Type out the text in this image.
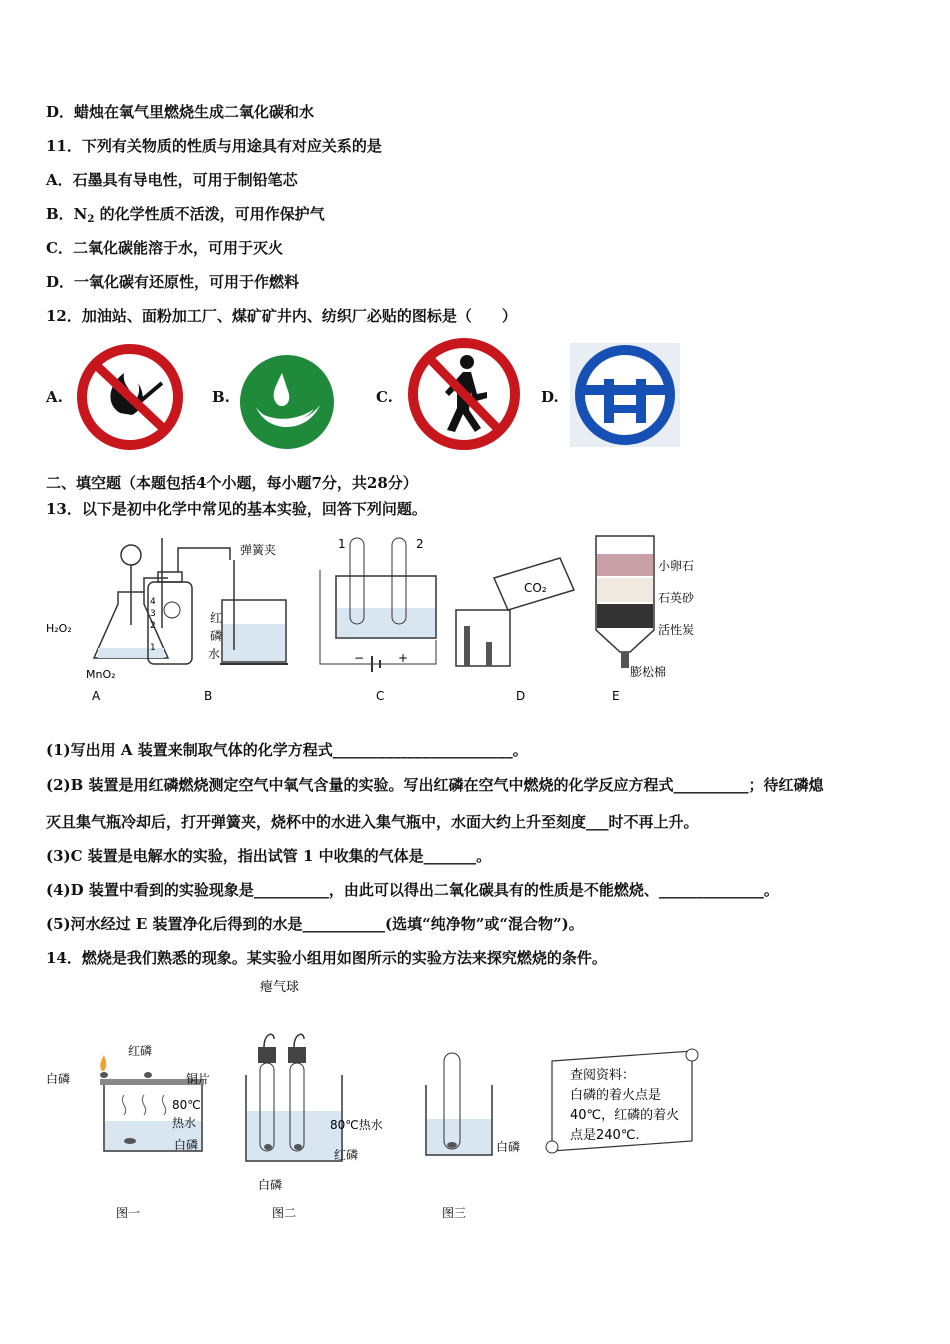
D．蜡烛在氧气里燃烧生成二氧化碳和水
11．下列有关物质的性质与用途具有对应关系的是
A．石墨具有导电性，可用于制铅笔芯
B．$N_2$ 的化学性质不活泼，可用作保护气
C．二氧化碳能溶于水，可用于灭火
D．一氧化碳有还原性，可用于作燃料
12．加油站、面粉加工厂、煤矿矿井内、纺织厂必贴的图标是（　　）
A.	B.	C.	D.
二、填空题（本题包括4个小题，每小题7分，共28分）
13．以下是初中化学中常见的基本实验，回答下列问题。
H₂O₂
MnO₂
弹簧夹
红
磷
水
4
3
2
1
1	2
−	+
CO₂
小卵石
石英砂
活性炭
膨松棉
A	B	C	D	E
(1)写出用 A 装置来制取气体的化学方程式________________________。
(2)B 装置是用红磷燃烧测定空气中氧气含量的实验。写出红磷在空气中燃烧的化学反应方程式__________；待红磷熄
灭且集气瓶冷却后，打开弹簧夹，烧杯中的水进入集气瓶中，水面大约上升至刻度___时不再上升。
(3)C 装置是电解水的实验，指出试管 1 中收集的气体是_______。
(4)D 装置中看到的实验现象是__________，由此可以得出二氧化碳具有的性质是不能燃烧、______________。
(5)河水经过 E 装置净化后得到的水是___________(选填“纯净物”或“混合物”)。
14．燃烧是我们熟悉的现象。某实验小组用如图所示的实验方法来探究燃烧的条件。
白磷
红磷
铜片
80℃
热水
白磷
图一
瘪气球
80℃热水
红磷
白磷
图二
白磷
图三
查阅资料：
白磷的着火点是
40℃，红磷的着火
点是240℃.
